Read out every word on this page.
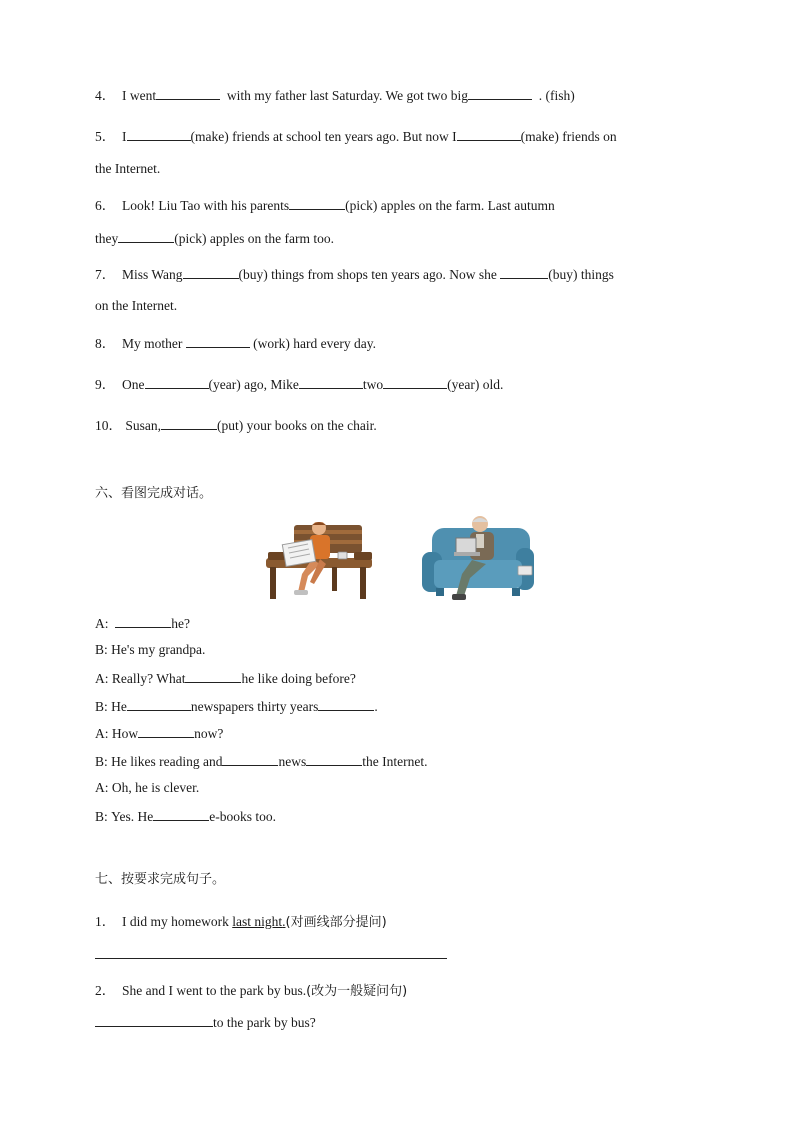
4． I went	with my father last Saturday. We got two big	. (fish)
5． I	(make) friends at school ten years ago. But now I	(make) friends on
the Internet.
6． Look! Liu Tao with his parents	(pick) apples on the farm. Last autumn
they	(pick) apples on the farm too.
7． Miss Wang	(buy) things from shops ten years ago. Now she	(buy) things
on the Internet.
8． My mother	(work) hard every day.
9． One	(year) ago, Mike	two	(year) old.
10． Susan,	(put) your books on the chair.
六、看图完成对话。
A:	he?
B: He's my grandpa.
A: Really? What	he like doing before?
B: He	newspapers thirty years	.
A: How	now?
B: He likes reading and	news	the Internet.
A: Oh, he is clever.
B: Yes. He	e-books too.
七、按要求完成句子。
1． I did my homework last night.(对画线部分提问)
2． She and I went to the park by bus.(改为一般疑问句)
to the park by bus?
